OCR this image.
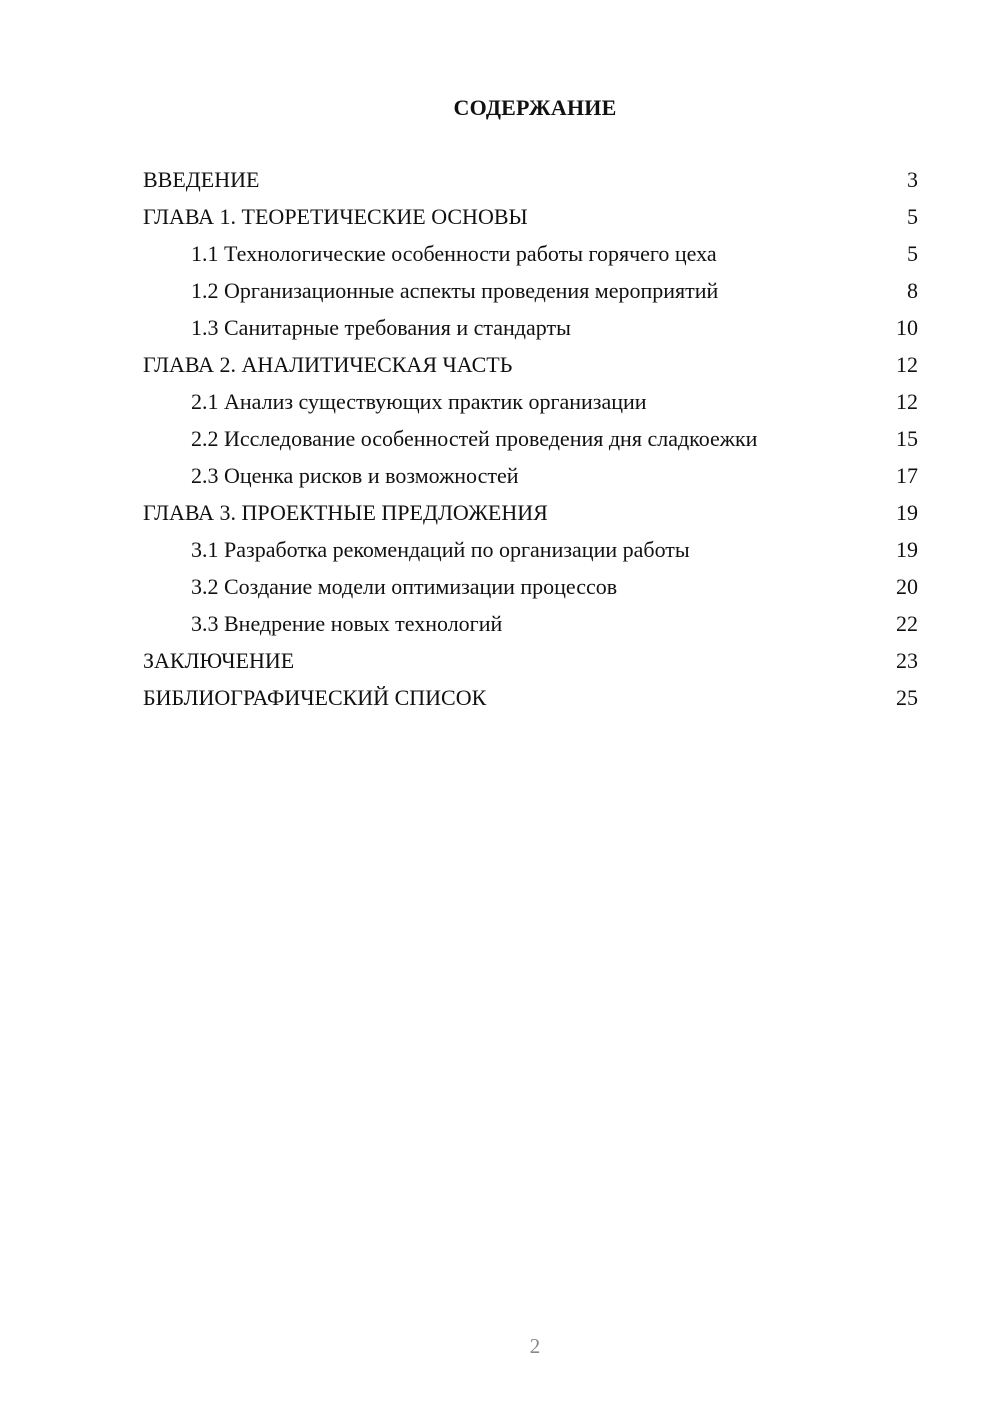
СОДЕРЖАНИЕ
ВВЕДЕНИЕ	3
ГЛАВА 1. ТЕОРЕТИЧЕСКИЕ ОСНОВЫ	5
1.1 Технологические особенности работы горячего цеха	5
1.2 Организационные аспекты проведения мероприятий	8
1.3 Санитарные требования и стандарты	10
ГЛАВА 2. АНАЛИТИЧЕСКАЯ ЧАСТЬ	12
2.1 Анализ существующих практик организации	12
2.2 Исследование особенностей проведения дня сладкоежки	15
2.3 Оценка рисков и возможностей	17
ГЛАВА 3. ПРОЕКТНЫЕ ПРЕДЛОЖЕНИЯ	19
3.1 Разработка рекомендаций по организации работы	19
3.2 Создание модели оптимизации процессов	20
3.3 Внедрение новых технологий	22
ЗАКЛЮЧЕНИЕ	23
БИБЛИОГРАФИЧЕСКИЙ СПИСОК	25
2
